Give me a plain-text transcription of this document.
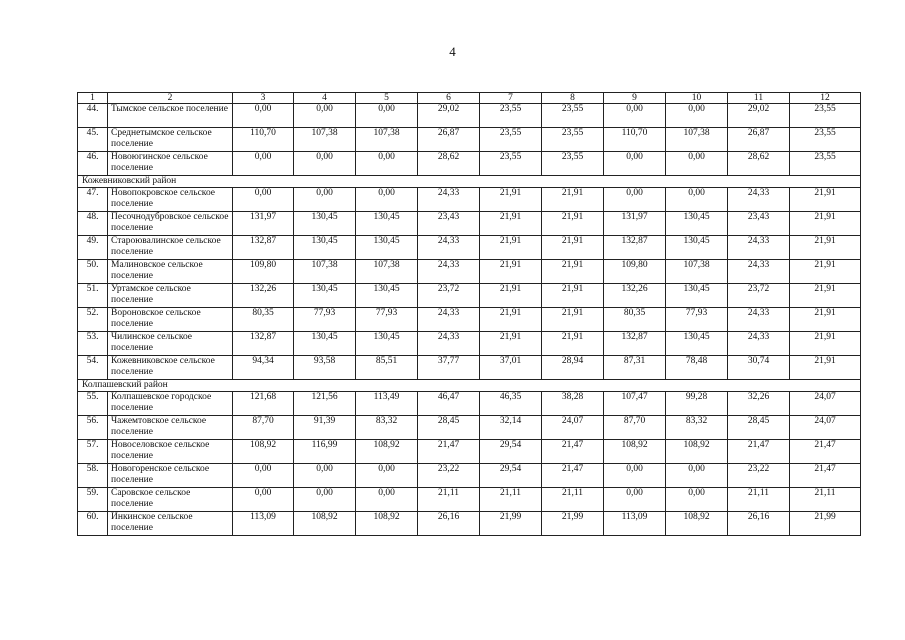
4
1	2	3	4	5	6	7	8	9	10	11	12
44.	Тымское сельское поселение	0,00	0,00	0,00	29,02	23,55	23,55	0,00	0,00	29,02	23,55
45.	Среднетымское сельское поселение	110,70	107,38	107,38	26,87	23,55	23,55	110,70	107,38	26,87	23,55
46.	Новоюгинское сельское поселение	0,00	0,00	0,00	28,62	23,55	23,55	0,00	0,00	28,62	23,55
Кожевниковский район											
47.	Новопокровское сельское поселение	0,00	0,00	0,00	24,33	21,91	21,91	0,00	0,00	24,33	21,91
48.	Песочнодубровское сельское поселение	131,97	130,45	130,45	23,43	21,91	21,91	131,97	130,45	23,43	21,91
49.	Староювалинское сельское поселение	132,87	130,45	130,45	24,33	21,91	21,91	132,87	130,45	24,33	21,91
50.	Малиновское сельское поселение	109,80	107,38	107,38	24,33	21,91	21,91	109,80	107,38	24,33	21,91
51.	Уртамское сельское поселение	132,26	130,45	130,45	23,72	21,91	21,91	132,26	130,45	23,72	21,91
52.	Вороновское сельское поселение	80,35	77,93	77,93	24,33	21,91	21,91	80,35	77,93	24,33	21,91
53.	Чилинское сельское поселение	132,87	130,45	130,45	24,33	21,91	21,91	132,87	130,45	24,33	21,91
54.	Кожевниковское сельское поселение	94,34	93,58	85,51	37,77	37,01	28,94	87,31	78,48	30,74	21,91
Колпашевский район											
55.	Колпашевское городское поселение	121,68	121,56	113,49	46,47	46,35	38,28	107,47	99,28	32,26	24,07
56.	Чажемтовское сельское поселение	87,70	91,39	83,32	28,45	32,14	24,07	87,70	83,32	28,45	24,07
57.	Новоселовское сельское поселение	108,92	116,99	108,92	21,47	29,54	21,47	108,92	108,92	21,47	21,47
58.	Новогоренское сельское поселение	0,00	0,00	0,00	23,22	29,54	21,47	0,00	0,00	23,22	21,47
59.	Саровское сельское поселение	0,00	0,00	0,00	21,11	21,11	21,11	0,00	0,00	21,11	21,11
60.	Инкинское сельское поселение	113,09	108,92	108,92	26,16	21,99	21,99	113,09	108,92	26,16	21,99
